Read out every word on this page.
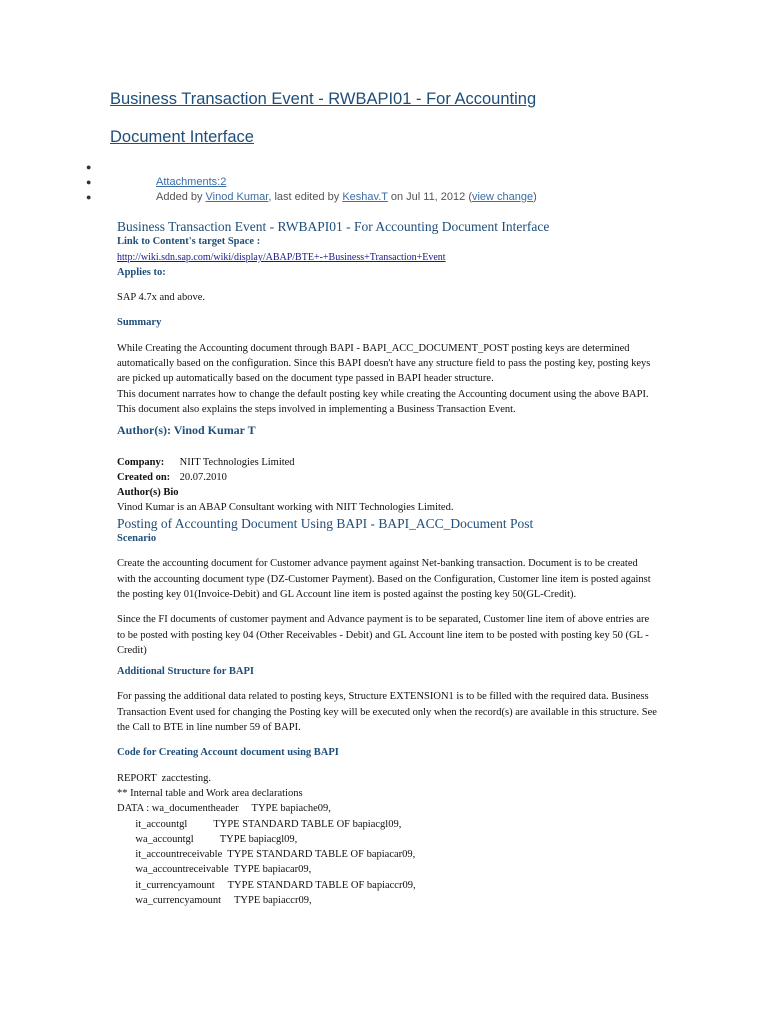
Business Transaction Event - RWBAPI01 - For Accounting
Document Interface
●
●	Attachments:2
●	Added by Vinod Kumar, last edited by Keshav.T on Jul 11, 2012 (view change)
Business Transaction Event - RWBAPI01 - For Accounting Document Interface
Link to Content's target Space :
http://wiki.sdn.sap.com/wiki/display/ABAP/BTE+-+Business+Transaction+Event
Applies to:

SAP 4.7x and above.

Summary

While Creating the Accounting document through BAPI - BAPI_ACC_DOCUMENT_POST posting keys are determined automatically based on the configuration. Since this BAPI doesn't have any structure field to pass the posting key, posting keys are picked up automatically based on the document type passed in BAPI header structure.

This document narrates how to change the default posting key while creating the Accounting document using the above BAPI. This document also explains the steps involved in implementing a Business Transaction Event.

Author(s): Vinod Kumar T

Company: NIIT Technologies Limited

Created on: 20.07.2010

Author(s) Bio

Vinod Kumar is an ABAP Consultant working with NIIT Technologies Limited.

Posting of Accounting Document Using BAPI - BAPI_ACC_Document Post
Scenario

Create the accounting document for Customer advance payment against Net-banking transaction. Document is to be created with the accounting document type (DZ-Customer Payment). Based on the Configuration, Customer line item is posted against the posting key 01(Invoice-Debit) and GL Account line item is posted against the posting key 50(GL-Credit).

Since the FI documents of customer payment and Advance payment is to be separated, Customer line item of above entries are to be posted with posting key 04 (Other Receivables - Debit) and GL Account line item to be posted with posting key 50 (GL - Credit)

Additional Structure for BAPI

For passing the additional data related to posting keys, Structure EXTENSION1 is to be filled with the required data. Business Transaction Event used for changing the Posting key will be executed only when the record(s) are available in this structure. See the Call to BTE in line number 59 of BAPI.

Code for Creating Account document using BAPI
REPORT  zacctesting.
** Internal table and Work area declarations
DATA : wa_documentheader     TYPE bapiache09,
it_accountgl          TYPE STANDARD TABLE OF bapiacgl09,
wa_accountgl          TYPE bapiacgl09,
it_accountreceivable  TYPE STANDARD TABLE OF bapiacar09,
wa_accountreceivable  TYPE bapiacar09,
it_currencyamount     TYPE STANDARD TABLE OF bapiaccr09,
wa_currencyamount     TYPE bapiaccr09,
